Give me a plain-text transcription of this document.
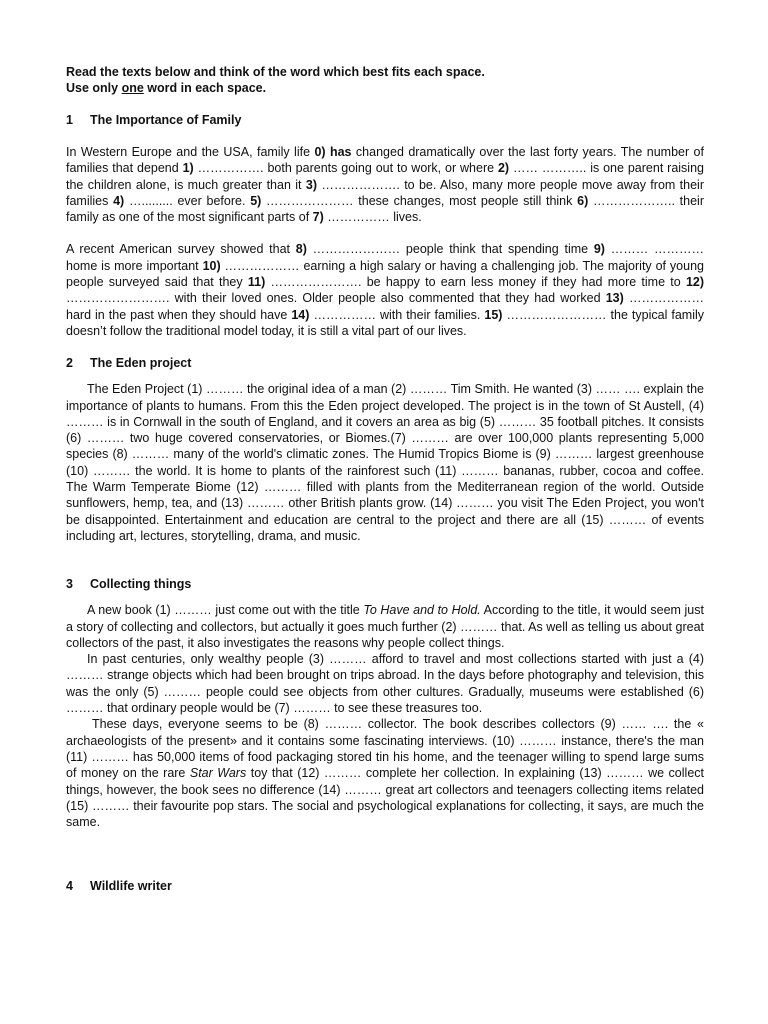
Read the texts below and think of the word which best fits each space.
Use only one word in each space.

1 The Importance of Family

In Western Europe and the USA, family life 0) has changed dramatically over the last forty years. The number of families that depend 1) ……………. both parents going out to work, or where 2) …… ……….. is one parent raising the children alone, is much greater than it 3) ………………. to be. Also, many more people move away from their families 4) …......... ever before. 5) ………………… these changes, most people still think 6) ……………….. their family as one of the most significant parts of 7) …………… lives.

A recent American survey showed that 8) ………………… people think that spending time 9) ……… ………… home is more important 10) ……………… earning a high salary or having a challenging job. The majority of young people surveyed said that they 11) …………………. be happy to earn less money if they had more time to 12) ……………………. with their loved ones. Older people also commented that they had worked 13) ……………… hard in the past when they should have 14) …………… with their families. 15) …………………… the typical family doesn’t follow the traditional model today, it is still a vital part of our lives.

2 The Eden project

The Eden Project (1) ……… the original idea of a man (2) ……… Tim Smith. He wanted (3) …… …. explain the importance of plants to humans. From this the Eden project developed. The project is in the town of St Austell, (4) ……… is in Cornwall in the south of England, and it covers an area as big (5) ……… 35 football pitches. It consists (6) ……… two huge covered conservatories, or Biomes.(7) ……… are over 100,000 plants representing 5,000 species (8) ……… many of the world's climatic zones. The Humid Tropics Biome is (9) ……… largest greenhouse (10) ……… the world. It is home to plants of the rainforest such (11) ……… bananas, rubber, cocoa and coffee. The Warm Temperate Biome (12) ……… filled with plants from the Mediterranean region of the world. Outside sunflowers, hemp, tea, and (13) ……… other British plants grow. (14) ……… you visit The Eden Project, you won't be disappointed. Entertainment and education are central to the project and there are all (15) ……… of events including art, lectures, storytelling, drama, and music.

3 Collecting things

A new book (1) ……… just come out with the title To Have and to Hold. According to the title, it would seem just a story of collecting and collectors, but actually it goes much further (2) ……… that. As well as telling us about great collectors of the past, it also investigates the reasons why people collect things.

In past centuries, only wealthy people (3) ……… afford to travel and most collections started with just a (4) ……… strange objects which had been brought on trips abroad. In the days before photography and television, this was the only (5) ……… people could see objects from other cultures. Gradually, museums were established (6) ……… that ordinary people would be (7) ……… to see these treasures too.

These days, everyone seems to be (8) ……… collector. The book describes collectors (9) …… …. the « archaeologists of the present» and it contains some fascinating interviews. (10) ……… instance, there's the man (11) ……… has 50,000 items of food packaging stored tin his home, and the teenager willing to spend large sums of money on the rare Star Wars toy that (12) ……… complete her collection. In explaining (13) ……… we collect things, however, the book sees no difference (14) ……… great art collectors and teenagers collecting items related (15) ……… their favourite pop stars. The social and psychological explanations for collecting, it says, are much the same.

4 Wildlife writer
